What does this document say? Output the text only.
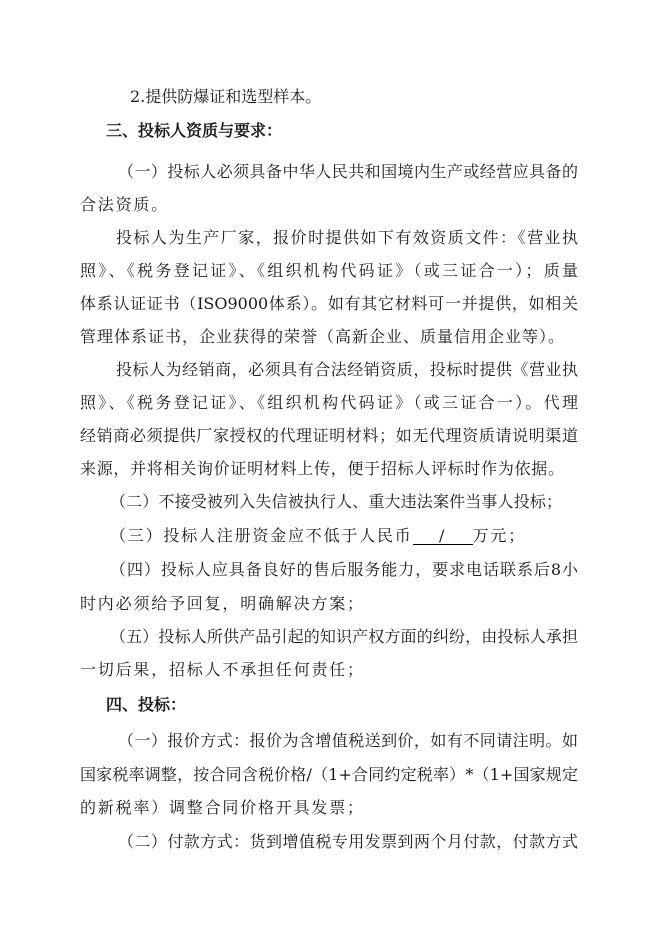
2.提供防爆证和选型样本。
三、投标人资质与要求：
（一）投标人必须具备中华人民共和国境内生产或经营应具备的
合法资质。
投标人为生产厂家，报价时提供如下有效资质文件：《营业执
照》、《税务登记证》、《组织机构代码证》（或三证合一）；质量
体系认证证书（ISO9000体系）。如有其它材料可一并提供，如相关
管理体系证书，企业获得的荣誉（高新企业、质量信用企业等）。
投标人为经销商，必须具有合法经销资质，投标时提供《营业执
照》、《税务登记证》、《组织机构代码证》（或三证合一）。代理
经销商必须提供厂家授权的代理证明材料；如无代理资质请说明渠道
来源，并将相关询价证明材料上传，便于招标人评标时作为依据。
（二）不接受被列入失信被执行人、重大违法案件当事人投标；
（三）投标人注册资金应不低于人民币 / 万元；
（四）投标人应具备良好的售后服务能力，要求电话联系后8小
时内必须给予回复，明确解决方案；
（五）投标人所供产品引起的知识产权方面的纠纷，由投标人承担
一切后果，招标人不承担任何责任；
四、投标：
（一）报价方式：报价为含增值税送到价，如有不同请注明。如
国家税率调整，按合同含税价格/（1+合同约定税率）*（1+国家规定
的新税率）调整合同价格开具发票；
（二）付款方式：货到增值税专用发票到两个月付款，付款方式
